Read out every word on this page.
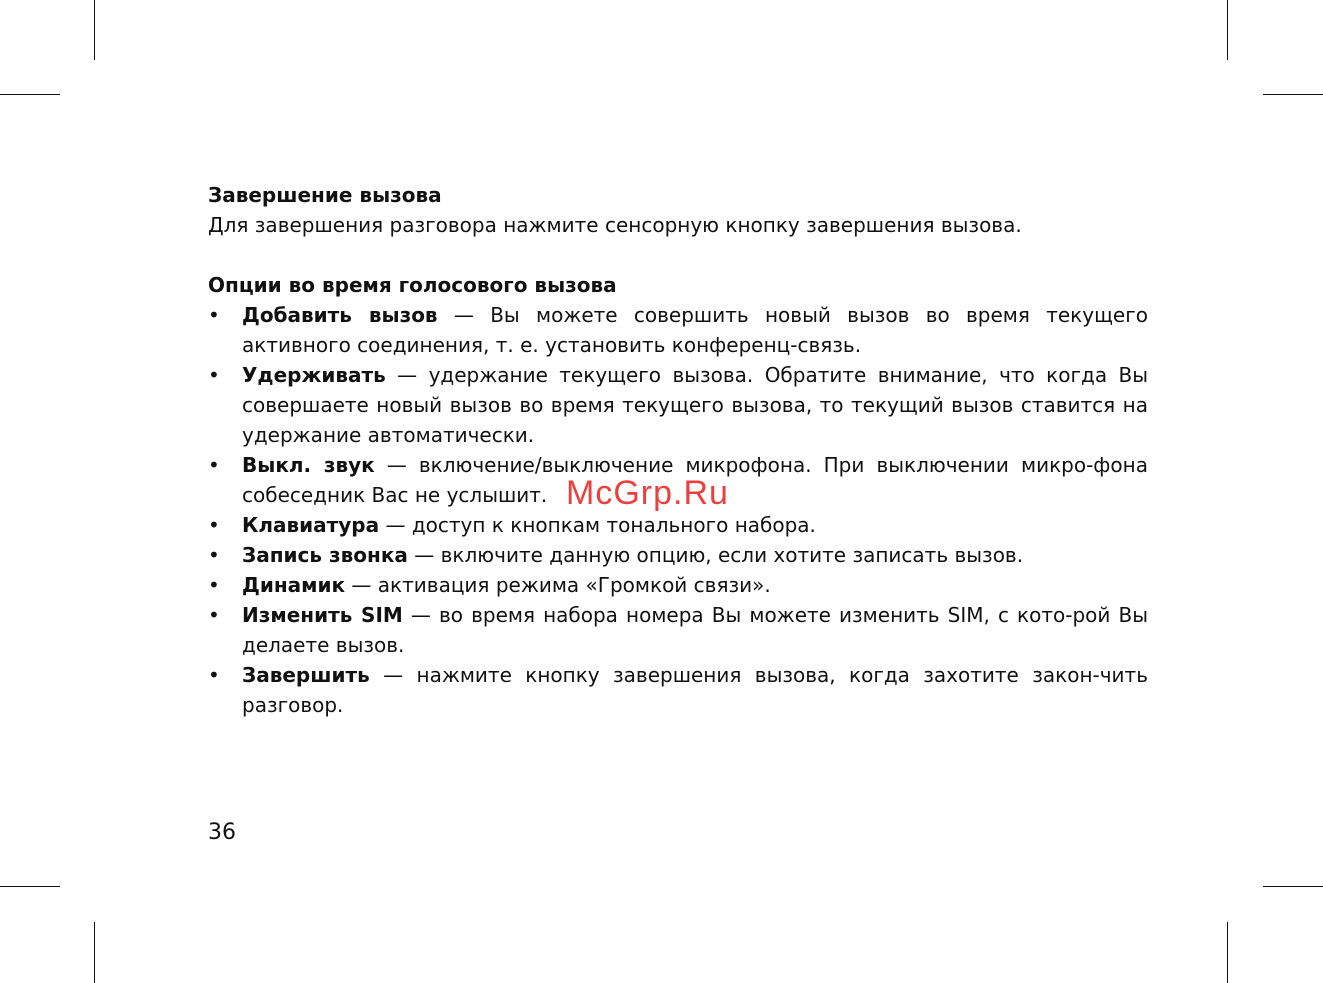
Завершение вызова

Для завершения разговора нажмите сенсорную кнопку завершения вызова.

Опции во время голосового вызова
• Добавить вызов — Вы можете совершить новый вызов во время текущего активного соединения, т. е. установить конференц-связь.
• Удерживать — удержание текущего вызова. Обратите внимание, что когда Вы совершаете новый вызов во время текущего вызова, то текущий вызов ставится на удержание автоматически.
• Выкл. звук — включение/выключение микрофона. При выключении микро-фона собеседник Вас не услышит.
• Клавиатура — доступ к кнопкам тонального набора.
• Запись звонка — включите данную опцию, если хотите записать вызов.
• Динамик — активация режима «Громкой связи».
• Изменить SIM — во время набора номера Вы можете изменить SIM, с кото-рой Вы делаете вызов.
• Завершить — нажмите кнопку завершения вызова, когда захотите закон-чить разговор.
36
McGrp.Ru
